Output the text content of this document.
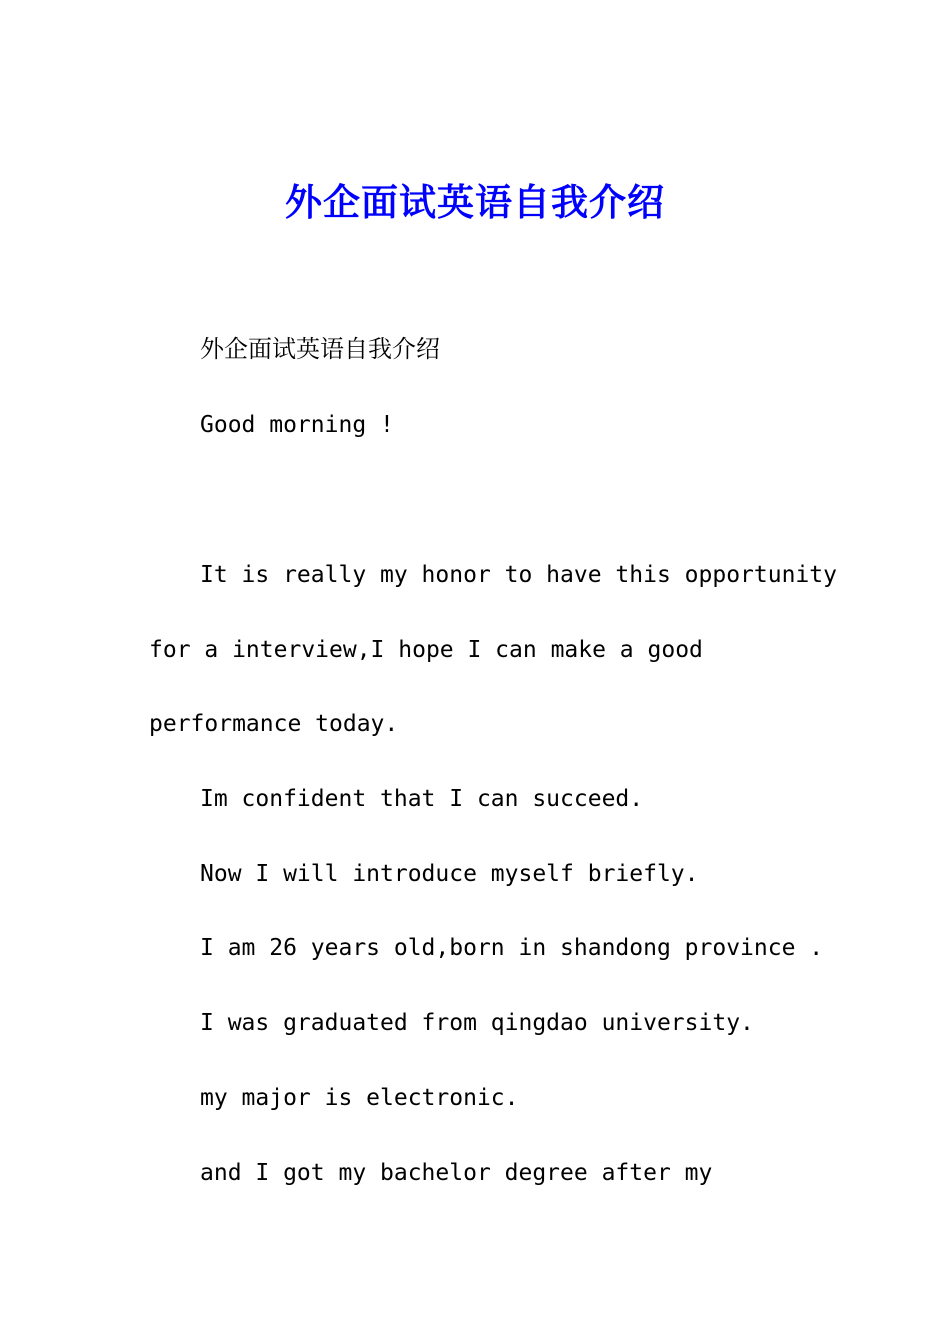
外企面试英语自我介绍
外企面试英语自我介绍
Good morning !
It is really my honor to have this opportunity
for a interview,I hope I can make a good
performance today.
Im confident that I can succeed.
Now I will introduce myself briefly.
I am 26 years old,born in shandong province .
I was graduated from qingdao university.
my major is electronic.
and I got my bachelor degree after my
